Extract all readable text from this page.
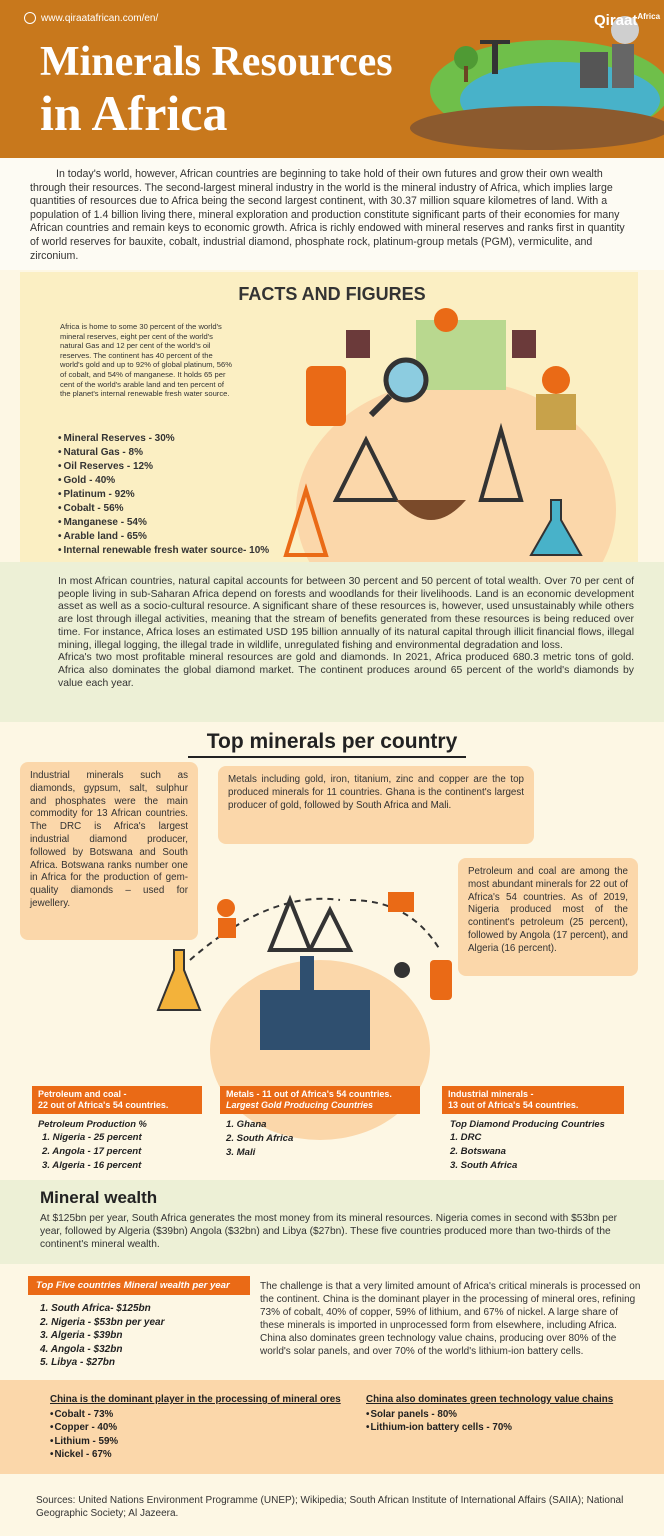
www.qiraatafrican.com/en/	Qiraat$^{Africa}$
Minerals Resources
in Africa

In today's world, however, African countries are beginning to take hold of their own futures and grow their own wealth through their resources. The second-largest mineral industry in the world is the mineral industry of Africa, which implies large quantities of resources due to Africa being the second largest continent, with 30.37 million square kilometres of land. With a population of 1.4 billion living there, mineral exploration and production constitute significant parts of their economies for many African countries and remain keys to economic growth. Africa is richly endowed with mineral reserves and ranks first in quantity of world reserves for bauxite, cobalt, industrial diamond, phosphate rock, platinum-group metals (PGM), vermiculite, and zirconium.

FACTS AND FIGURES
Africa is home to some 30 percent of the world's mineral reserves, eight per cent of the world's natural Gas and 12 per cent of the world's oil reserves. The continent has 40 percent of the world's gold and up to 92% of global platinum, 56% of cobalt, and 54% of manganese. It holds 65 per cent of the world's arable land and ten percent of the planet's internal renewable fresh water source.
• Mineral Reserves - 30%
• Natural Gas - 8%
• Oil Reserves - 12%
• Gold - 40%
• Platinum - 92%
• Cobalt - 56%
• Manganese - 54%
• Arable land - 65%
• Internal renewable fresh water source- 10%

In most African countries, natural capital accounts for between 30 percent and 50 percent of total wealth. Over 70 per cent of people living in sub-Saharan Africa depend on forests and woodlands for their livelihoods. Land is an economic development asset as well as a socio-cultural resource. A significant share of these resources is, however, used unsustainably while others are lost through illegal activities, meaning that the stream of benefits generated from these resources is being reduced over time. For instance, Africa loses an estimated USD 195 billion annually of its natural capital through illicit financial flows, illegal mining, illegal logging, the illegal trade in wildlife, unregulated fishing and environmental degradation and loss.

Africa's two most profitable mineral resources are gold and diamonds. In 2021, Africa produced 680.3 metric tons of gold. Africa also dominates the global diamond market. The continent produces around 65 percent of the world's diamonds by value each year.

Top minerals per country
Industrial minerals such as diamonds, gypsum, salt, sulphur and phosphates were the main commodity for 13 African countries. The DRC is Africa's largest industrial diamond producer, followed by Botswana and South Africa. Botswana ranks number one in Africa for the production of gem-quality diamonds – used for jewellery.
Metals including gold, iron, titanium, zinc and copper are the top produced minerals for 11 countries. Ghana is the continent's largest producer of gold, followed by South Africa and Mali.
Petroleum and coal are among the most abundant minerals for 22 out of Africa's 54 countries. As of 2019, Nigeria produced most of the continent's petroleum (25 percent), followed by Angola (17 percent), and Algeria (16 percent).
Petroleum and coal -
22 out of Africa's 54 countries.
Petroleum Production %
1. Nigeria - 25 percent
2. Angola - 17 percent
3. Algeria - 16 percent
Metals - 11 out of Africa's 54 countries.
Largest Gold Producing Countries
1. Ghana
2. South Africa
3. Mali
Industrial minerals -
13 out of Africa's 54 countries.
Top Diamond Producing Countries
1. DRC
2. Botswana
3. South Africa
Mineral wealth

At $125bn per year, South Africa generates the most money from its mineral resources. Nigeria comes in second with $53bn per year, followed by Algeria ($39bn) Angola ($32bn) and Libya ($27bn). These five countries produced more than two-thirds of the continent's mineral wealth.

Top Five countries Mineral wealth per year
1. South Africa- $125bn
2. Nigeria - $53bn per year
3. Algeria - $39bn
4. Angola - $32bn
5. Libya - $27bn
The challenge is that a very limited amount of Africa's critical minerals is processed on the continent. China is the dominant player in the processing of mineral ores, refining 73% of cobalt, 40% of copper, 59% of lithium, and 67% of nickel. A large share of these minerals is imported in unprocessed form from elsewhere, including Africa. China also dominates green technology value chains, producing over 80% of the world's solar panels, and over 70% of the world's lithium-ion battery cells.
China is the dominant player in the processing of mineral ores
• Cobalt - 73%
• Copper - 40%
• Lithium - 59%
• Nickel - 67%
China also dominates green technology value chains
• Solar panels - 80%
• Lithium-ion battery cells - 70%
Sources: United Nations Environment Programme (UNEP); Wikipedia; South African Institute of International Affairs (SAIIA); National Geographic Society; Al Jazeera.
